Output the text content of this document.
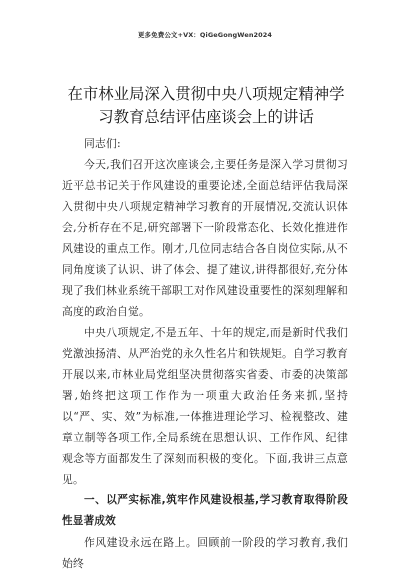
更多免费公文+VX：QiGeGongWen2024
在市林业局深入贯彻中央八项规定精神学习教育总结评估座谈会上的讲话

同志们:

今天,我们召开这次座谈会,主要任务是深入学习贯彻习近平总书记关于作风建设的重要论述,全面总结评估我局深入贯彻中央八项规定精神学习教育的开展情况,交流认识体会,分析存在不足,研究部署下一阶段常态化、长效化推进作风建设的重点工作。刚才,几位同志结合各自岗位实际,从不同角度谈了认识、讲了体会、提了建议,讲得都很好,充分体现了我们林业系统干部职工对作风建设重要性的深刻理解和高度的政治自觉。

中央八项规定,不是五年、十年的规定,而是新时代我们党激浊扬清、从严治党的永久性名片和铁规矩。自学习教育开展以来,市林业局党组坚决贯彻落实省委、市委的决策部署,始终把这项工作作为一项重大政治任务来抓,坚持以“严、实、效”为标准,一体推进理论学习、检视整改、建章立制等各项工作,全局系统在思想认识、工作作风、纪律观念等方面都发生了深刻而积极的变化。下面,我讲三点意见。

一、以严实标准,筑牢作风建设根基,学习教育取得阶段性显著成效

作风建设永远在路上。回顾前一阶段的学习教育,我们始终
